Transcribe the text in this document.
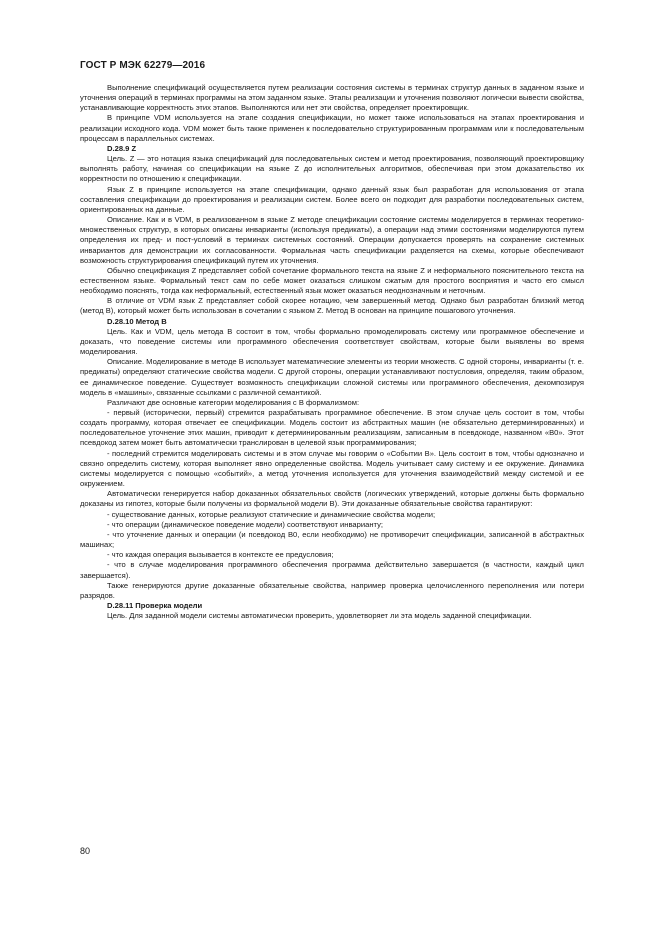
ГОСТ Р МЭК 62279—2016

Выполнение спецификаций осуществляется путем реализации состояния системы в терминах структур данных в заданном языке и уточнения операций в терминах программы на этом заданном языке. Этапы реализации и уточнения позволяют логически вывести свойства, устанавливающие корректность этих этапов. Выполняются или нет эти свойства, определяет проектировщик.

В принципе VDM используется на этапе создания спецификации, но может также использоваться на этапах проектирования и реализации исходного кода. VDM может быть также применен к последовательно структурированным программам или к последовательным процессам в параллельных системах.

D.28.9 Z

Цель. Z — это нотация языка спецификаций для последовательных систем и метод проектирования, позволяющий проектировщику выполнять работу, начиная со спецификации на языке Z до исполнительных алгоритмов, обеспечивая при этом доказательство их корректности по отношению к спецификации.

Язык Z в принципе используется на этапе спецификации, однако данный язык был разработан для использования от этапа составления спецификации до проектирования и реализации систем. Более всего он подходит для разработки последовательных систем, ориентированных на данные.

Описание. Как и в VDM, в реализованном в языке Z методе спецификации состояние системы моделируется в терминах теоретико-множественных структур, в которых описаны инварианты (используя предикаты), а операции над этими состояниями моделируются путем определения их пред- и пост-условий в терминах системных состояний. Операции допускается проверять на сохранение системных инвариантов для демонстрации их согласованности. Формальная часть спецификации разделяется на схемы, которые обеспечивают возможность структурирования спецификаций путем их уточнения.

Обычно спецификация Z представляет собой сочетание формального текста на языке Z и неформального пояснительного текста на естественном языке. Формальный текст сам по себе может оказаться слишком сжатым для простого восприятия и часто его смысл необходимо пояснять, тогда как неформальный, естественный язык может оказаться неоднозначным и неточным.

В отличие от VDM язык Z представляет собой скорее нотацию, чем завершенный метод. Однако был разработан близкий метод (метод B), который может быть использован в сочетании с языком Z. Метод B основан на принципе пошагового уточнения.

D.28.10 Метод B

Цель. Как и VDM, цель метода B состоит в том, чтобы формально промоделировать систему или программное обеспечение и доказать, что поведение системы или программного обеспечения соответствует свойствам, которые были выявлены во время моделирования.

Описание. Моделирование в методе B использует математические элементы из теории множеств. С одной стороны, инварианты (т. е. предикаты) определяют статические свойства модели. С другой стороны, операции устанавливают постусловия, определяя, таким образом, ее динамическое поведение. Существует возможность спецификации сложной системы или программного обеспечения, декомпозируя модель в «машины», связанные ссылками с различной семантикой.

Различают две основные категории моделирования с B формализмом:

- первый (исторически, первый) стремится разрабатывать программное обеспечение. В этом случае цель состоит в том, чтобы создать программу, которая отвечает ее спецификации. Модель состоит из абстрактных машин (не обязательно детерминированных) и последовательное уточнение этих машин, приводит к детерминированным реализациям, записанным в псевдокоде, названном «B0». Этот псевдокод затем может быть автоматически транслирован в целевой язык программирования;

- последний стремится моделировать системы и в этом случае мы говорим о «Событии B». Цель состоит в том, чтобы однозначно и связно определить систему, которая выполняет явно определенные свойства. Модель учитывает саму систему и ее окружение. Динамика системы моделируется с помощью «событий», а метод уточнения используется для уточнения взаимодействий между системой и ее окружением.

Автоматически генерируется набор доказанных обязательных свойств (логических утверждений, которые должны быть формально доказаны из гипотез, которые были получены из формальной модели B). Эти доказанные обязательные свойства гарантируют:

- существование данных, которые реализуют статические и динамические свойства модели;

- что операции (динамическое поведение модели) соответствуют инварианту;

- что уточнение данных и операции (и псевдокод B0, если необходимо) не противоречит спецификации, записанной в абстрактных машинах;

- что каждая операция вызывается в контексте ее предусловия;

- что в случае моделирования программного обеспечения программа действительно завершается (в частности, каждый цикл завершается).

Также генерируются другие доказанные обязательные свойства, например проверка целочисленного переполнения или потери разрядов.

D.28.11 Проверка модели

Цель. Для заданной модели системы автоматически проверить, удовлетворяет ли эта модель заданной спецификации.

80
